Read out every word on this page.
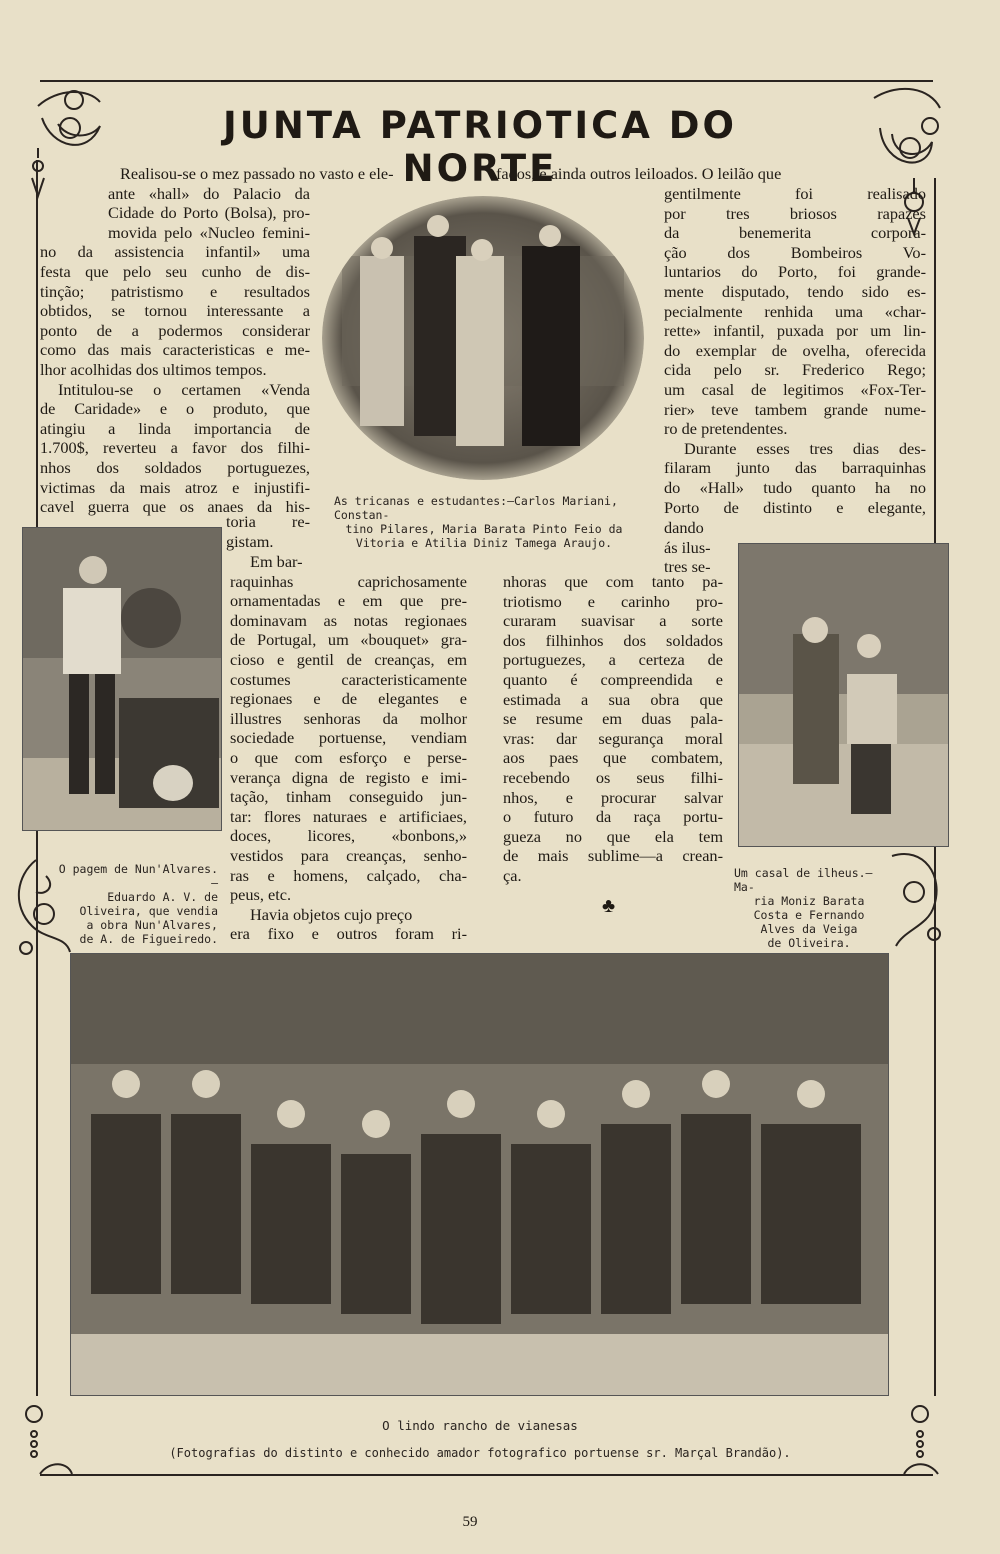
JUNTA PATRIOTICA DO NORTE
Realisou-se o mez passado no vasto e ele-
ante «hall» do Palacio da
Cidade do Porto (Bolsa), pro-
movida pelo «Nucleo femini-
no da assistencia infantil» uma
festa que pelo seu cunho de dis-
tinção; patristismo e resultados
obtidos, se tornou interessante a
ponto de a podermos considerar
como das mais caracteristicas e me-
lhor acolhidas dos ultimos tempos.
Intitulou-se o certamen «Venda
de Caridade» e o produto, que
atingiu a linda importancia de
1.700$, reverteu a favor dos filhi-
nhos dos soldados portuguezes,
victimas da mais atroz e injustifi-
cavel guerra que os anaes da his-
toria re-
gistam.
Em bar-
raquinhas caprichosamente
ornamentadas e em que pre-
dominavam as notas regionaes
de Portugal, um «bouquet» gra-
cioso e gentil de creanças, em
costumes caracteristicamente
regionaes e de elegantes e
illustres senhoras da molhor
sociedade portuense, vendiam
o que com esforço e perse-
verança digna de registo e imi-
tação, tinham conseguido jun-
tar: flores naturaes e artificiaes,
doces, licores, «bonbons,»
vestidos para creanças, senho-
ras e homens, calçado, cha-
peus, etc.
Havia objetos cujo preço
era fixo e outros foram ri-
fados, e ainda outros leiloados. O leilão que
gentilmente foi realisado
por tres briosos rapazes
da benemerita corpora-
ção dos Bombeiros Vo-
luntarios do Porto, foi grande-
mente disputado, tendo sido es-
pecialmente renhida uma «char-
rette» infantil, puxada por um lin-
do exemplar de ovelha, oferecida
cida pelo sr. Frederico Rego;
um casal de legitimos «Fox-Ter-
rier» teve tambem grande nume-
ro de pretendentes.
Durante esses tres dias des-
filaram junto das barraquinhas
do «Hall» tudo quanto ha no
Porto de distinto e elegante,
dando
ás ilus-
tres se-
nhoras que com tanto pa-
triotismo e carinho pro-
curaram suavisar a sorte
dos filhinhos dos soldados
portuguezes, a certeza de
quanto é compreendida e
estimada a sua obra que
se resume em duas pala-
vras: dar segurança moral
aos paes que combatem,
recebendo os seus filhi-
nhos, e procurar salvar
o futuro da raça portu-
gueza no que ela tem
de mais sublime—a crean-
ça.
As tricanas e estudantes:—Carlos Mariani, Constan-
tino Pilares, Maria Barata Pinto Feio da
Vitoria e Atilia Diniz Tamega Araujo.
O pagem de Nun'Alvares.—
Eduardo A. V. de
Oliveira, que vendia
a obra Nun'Alvares,
de A. de Figueiredo.
Um casal de ilheus.—Ma-
ria Moniz Barata
Costa e Fernando
Alves da Veiga
de Oliveira.
♣
O lindo rancho de vianesas
(Fotografias do distinto e conhecido amador fotografico portuense sr. Marçal Brandão).
59
